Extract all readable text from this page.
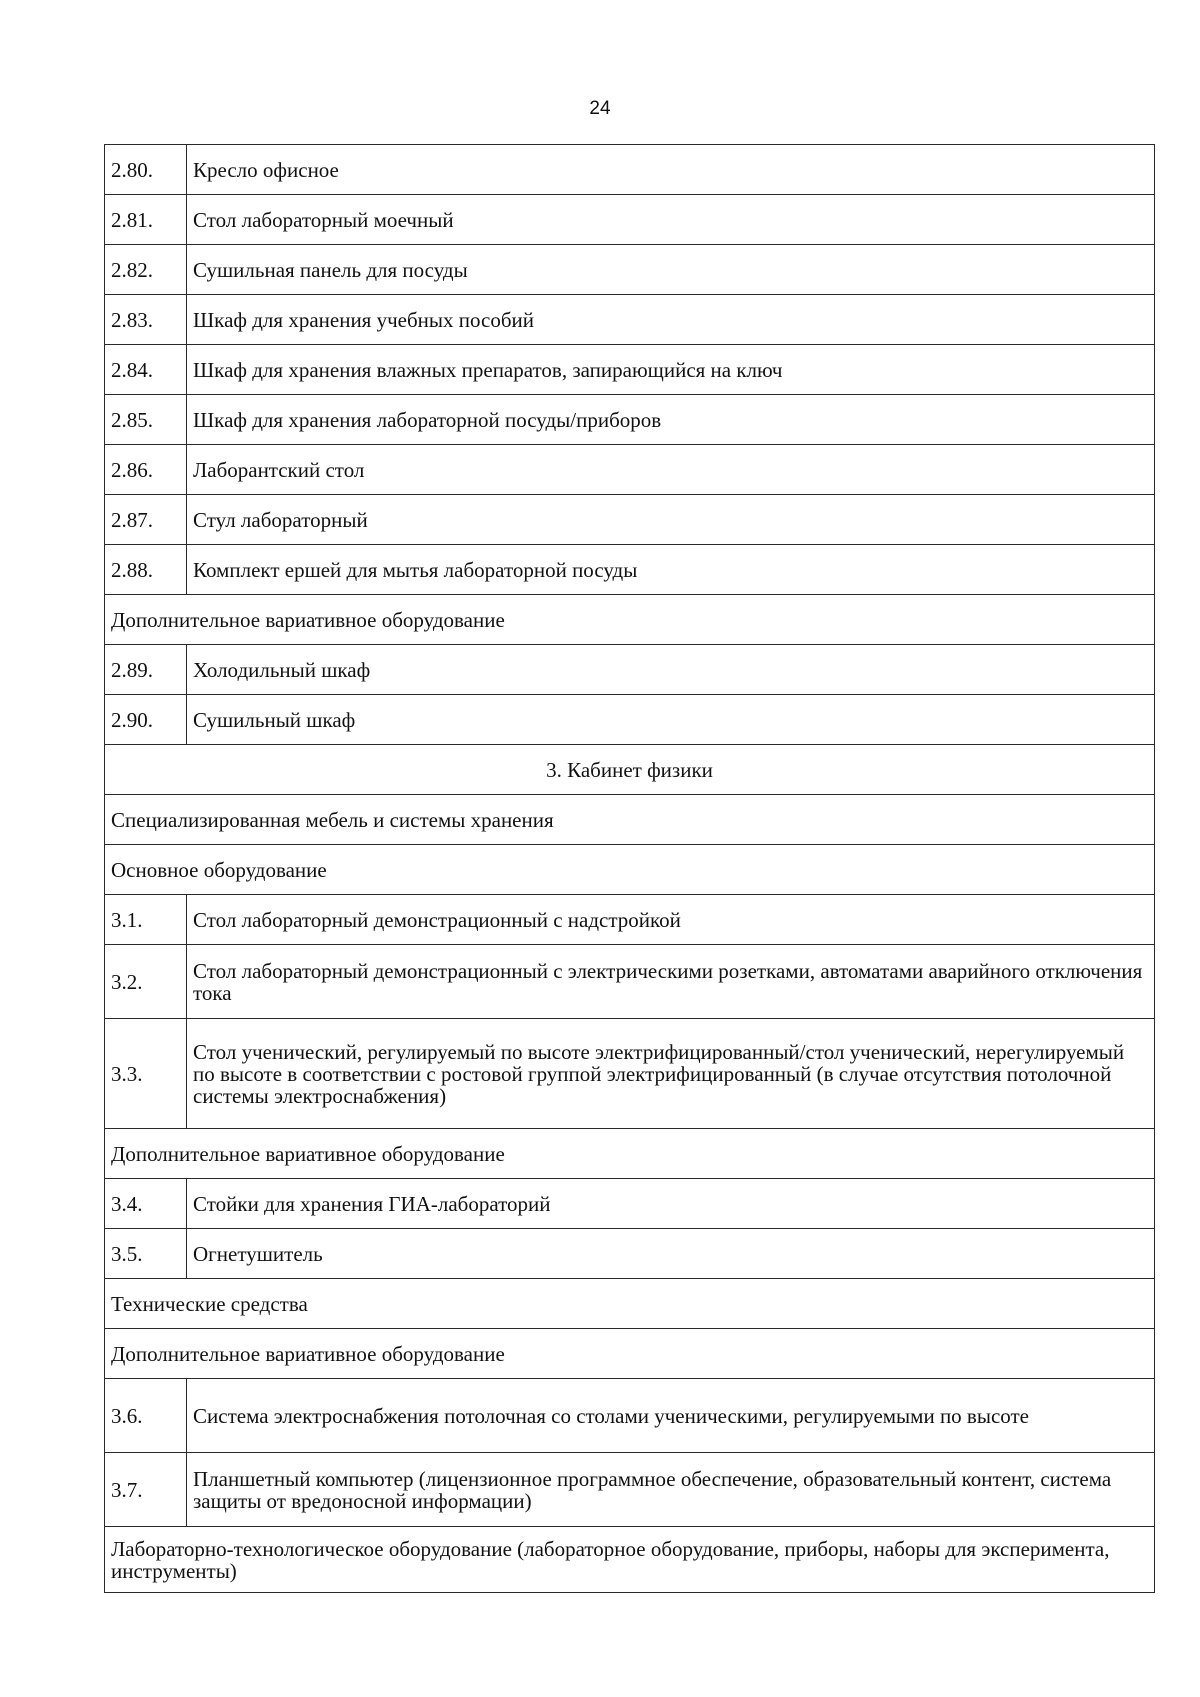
24
2.80.	Кресло офисное
2.81.	Стол лабораторный моечный
2.82.	Сушильная панель для посуды
2.83.	Шкаф для хранения учебных пособий
2.84.	Шкаф для хранения влажных препаратов, запирающийся на ключ
2.85.	Шкаф для хранения лабораторной посуды/приборов
2.86.	Лаборантский стол
2.87.	Стул лабораторный
2.88.	Комплект ершей для мытья лабораторной посуды
Дополнительное вариативное оборудование	
2.89.	Холодильный шкаф
2.90.	Сушильный шкаф
3. Кабинет физики	
Специализированная мебель и системы хранения	
Основное оборудование	
3.1.	Стол лабораторный демонстрационный с надстройкой
3.2.	Стол лабораторный демонстрационный с электрическими розетками, автоматами аварийного отключения тока
3.3.	Стол ученический, регулируемый по высоте электрифицированный/стол ученический, нерегулируемый по высоте в соответствии с ростовой группой электрифицированный (в случае отсутствия потолочной системы электроснабжения)
Дополнительное вариативное оборудование	
3.4.	Стойки для хранения ГИА-лабораторий
3.5.	Огнетушитель
Технические средства	
Дополнительное вариативное оборудование	
3.6.	Система электроснабжения потолочная со столами ученическими, регулируемыми по высоте
3.7.	Планшетный компьютер (лицензионное программное обеспечение, образовательный контент, система защиты от вредоносной информации)
Лабораторно-технологическое оборудование (лабораторное оборудование, приборы, наборы для эксперимента, инструменты)	
